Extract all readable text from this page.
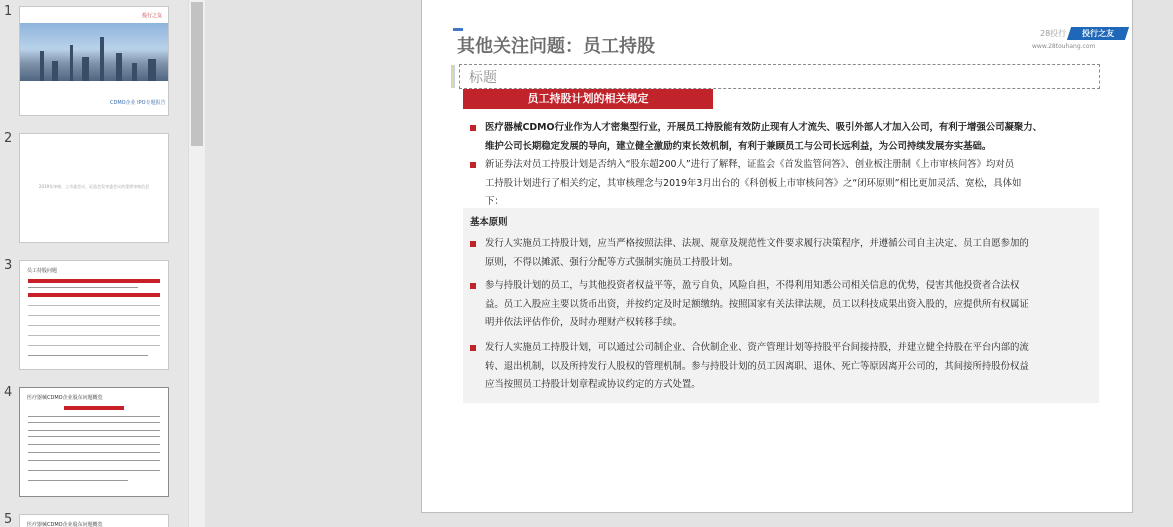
1	投行之友
CDMO企业 IPO专题报告
2
2019年审核、上市委会议、证监会发审委会议的重要审核信息
3	员工持股问题
4	医疗器械CDMO企业股东问题概览
5	医疗器械CDMO企业股东问题概览
其他关注问题：员工持股
28投行	投行之友
www.28touhang.com
标题
员工持股计划的相关规定
医疗器械CDMO行业作为人才密集型行业，开展员工持股能有效防止现有人才流失、吸引外部人才加入公司，有利于增强公司凝聚力、
维护公司长期稳定发展的导向，建立健全激励约束长效机制，有利于兼顾员工与公司长远利益，为公司持续发展夯实基础。
新证券法对员工持股计划是否纳入“股东超200人”进行了解释，证监会《首发监管问答》、创业板注册制《上市审核问答》均对员
工持股计划进行了相关约定，其审核理念与2019年3月出台的《科创板上市审核问答》之“闭环原则”相比更加灵活、宽松，具体如
下：
基本原则
发行人实施员工持股计划，应当严格按照法律、法规、规章及规范性文件要求履行决策程序，并遵循公司自主决定、员工自愿参加的
原则，不得以摊派、强行分配等方式强制实施员工持股计划。
参与持股计划的员工，与其他投资者权益平等，盈亏自负，风险自担，不得利用知悉公司相关信息的优势，侵害其他投资者合法权
益。员工入股应主要以货币出资，并按约定及时足额缴纳。按照国家有关法律法规，员工以科技成果出资入股的，应提供所有权属证
明并依法评估作价，及时办理财产权转移手续。
发行人实施员工持股计划，可以通过公司制企业、合伙制企业、资产管理计划等持股平台间接持股，并建立健全持股在平台内部的流
转、退出机制，以及所持发行人股权的管理机制。参与持股计划的员工因离职、退休、死亡等原因离开公司的，其间接所持股份权益
应当按照员工持股计划章程或协议约定的方式处置。
